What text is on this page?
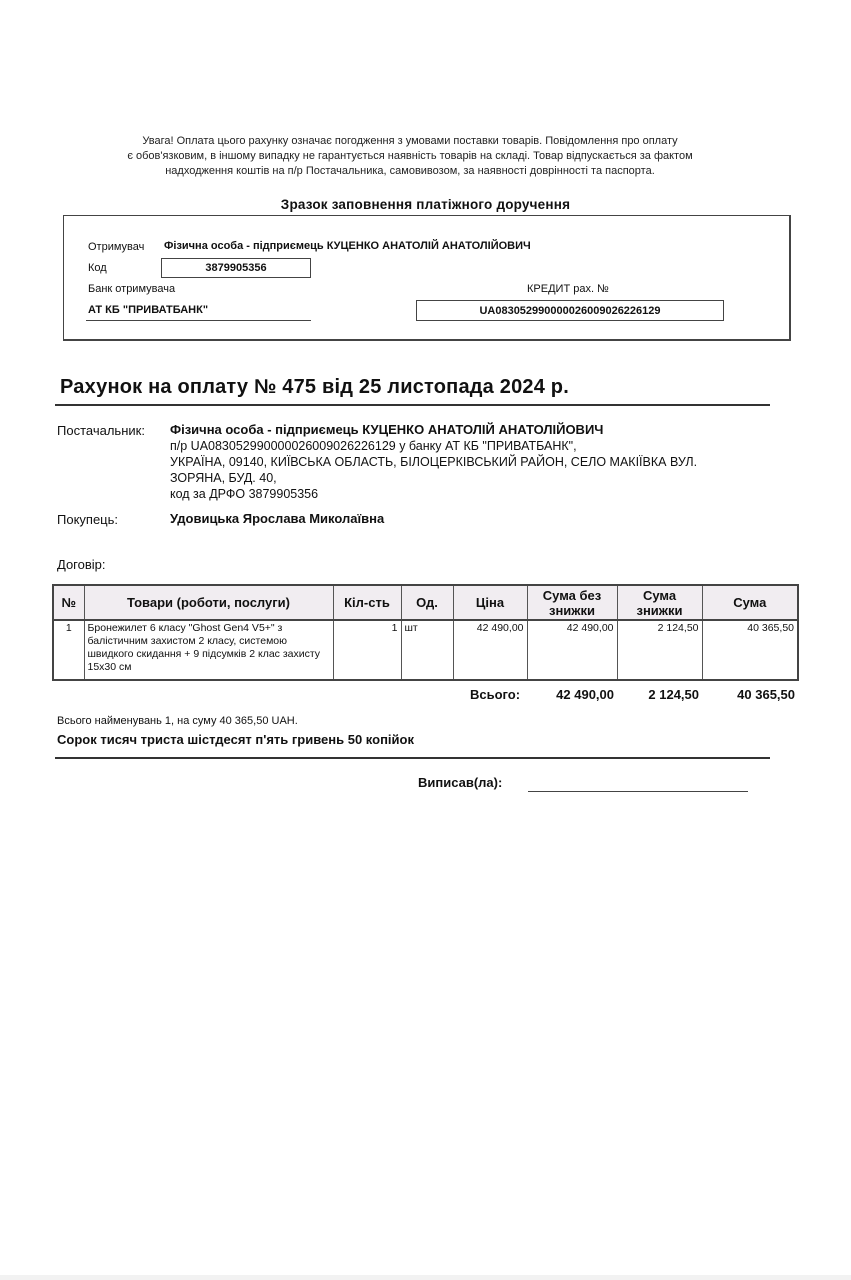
Увага! Оплата цього рахунку означає погодження з умовами поставки товарів. Повідомлення про оплату
є обов'язковим, в іншому випадку не гарантується наявність товарів на складі. Товар відпускається за фактом
надходження коштів на п/р Постачальника, самовивозом, за наявності доврінності та паспорта.
Зразок заповнення платіжного доручення
Отримувач Фізична особа - підприємець КУЦЕНКО АНАТОЛІЙ АНАТОЛІЙОВИЧ
Код	3879905356
Банк отримувача
АТ КБ "ПРИВАТБАНК"
КРЕДИТ рах. №
UA083052990000026009026226129
Рахунок на оплату № 475 від 25 листопада 2024 р.
Постачальник: Фізична особа - підприємець КУЦЕНКО АНАТОЛІЙ АНАТОЛІЙОВИЧ
п/р UA083052990000026009026226129 у банку АТ КБ "ПРИВАТБАНК",
УКРАЇНА, 09140, КИЇВСЬКА ОБЛАСТЬ, БІЛОЦЕРКІВСЬКИЙ РАЙОН, СЕЛО МАКІЇВКА ВУЛ.
ЗОРЯНА, БУД. 40,
код за ДРФО 3879905356
Покупець:	Удовицька Ярослава Миколаївна
Договір:
№	Товари (роботи, послуги)	Кіл-сть	Од.	Ціна	Сума без знижки	Сума знижки	Сума
1	Бронежилет 6 класу "Ghost Gen4 V5+" з балістичним захистом 2 класу, системою швидкого скидання + 9 підсумків 2 клас захисту 15x30 см	1	шт	42 490,00	42 490,00	2 124,50	40 365,50
Всього:	42 490,00	2 124,50	40 365,50
Всього найменувань 1, на суму 40 365,50 UAH.
Сорок тисяч триста шістдесят п'ять гривень 50 копійок
Виписав(ла):
